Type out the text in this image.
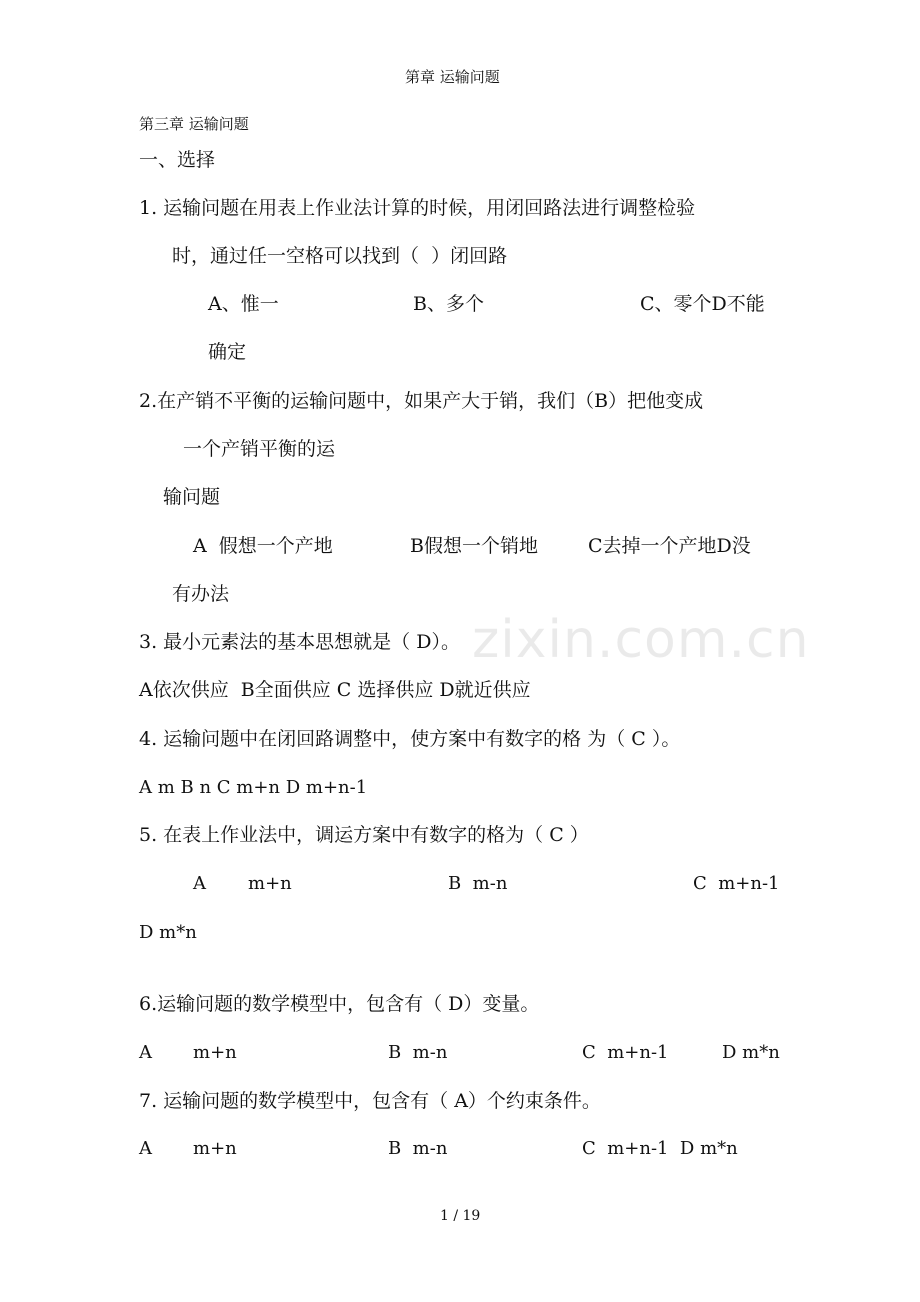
第章 运输问题
第三章 运输问题
一、选择
1. 运输问题在用表上作业法计算的时候，用闭回路法进行调整检验
时，通过任一空格可以找到（  ）闭回路
A、惟一	B、多个	C、零个D不能
确定
2.在产销不平衡的运输问题中，如果产大于销，我们（B）把他变成
一个产销平衡的运
输问题
A  假想一个产地	B假想一个销地	C去掉一个产地D没
有办法
3. 最小元素法的基本思想就是（ D）。
A依次供应  B全面供应 C 选择供应 D就近供应
4. 运输问题中在闭回路调整中，使方案中有数字的格 为（ C ）。
A m B n C m+n D m+n-1
5. 在表上作业法中，调运方案中有数字的格为（ C ）
A m+n	B  m-n	C  m+n-1
D m*n
6.运输问题的数学模型中，包含有（ D）变量。
A m+n	B  m-n	C  m+n-1	D m*n
7. 运输问题的数学模型中，包含有（ A）个约束条件。
A m+n	B  m-n	C  m+n-1  D m*n
zixin.com.cn
1 / 19
